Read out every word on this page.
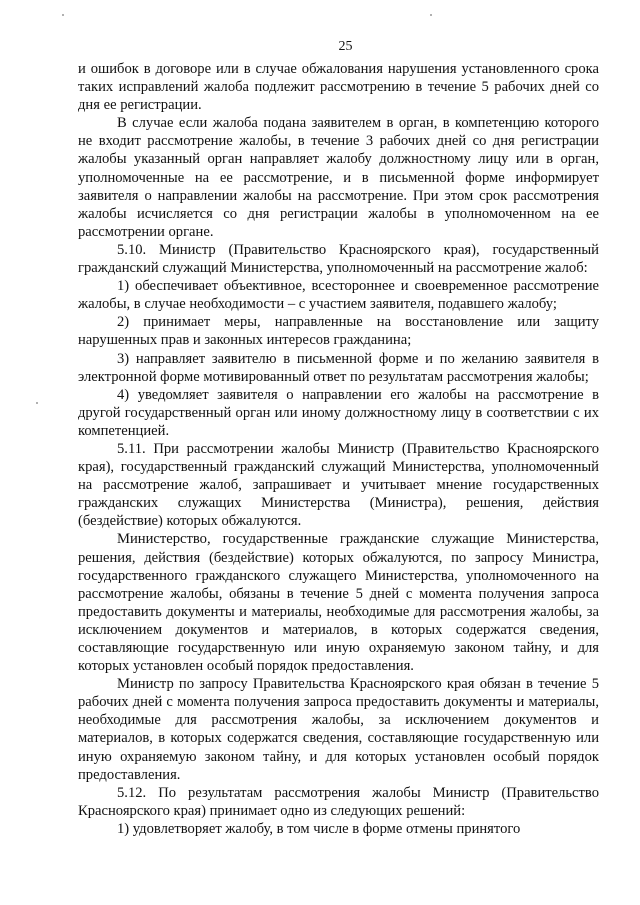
25

и ошибок в договоре или в случае обжалования нарушения установленного срока таких исправлений жалоба подлежит рассмотрению в течение 5 рабочих дней со дня ее регистрации.

В случае если жалоба подана заявителем в орган, в компетенцию которого не входит рассмотрение жалобы, в течение 3 рабочих дней со дня регистрации жалобы указанный орган направляет жалобу должностному лицу или в орган, уполномоченные на ее рассмотрение, и в письменной форме информирует заявителя о направлении жалобы на рассмотрение. При этом срок рассмотрения жалобы исчисляется со дня регистрации жалобы в уполномоченном на ее рассмотрении органе.

5.10. Министр (Правительство Красноярского края), государственный гражданский служащий Министерства, уполномоченный на рассмотрение жалоб:

1) обеспечивает объективное, всестороннее и своевременное рассмотрение жалобы, в случае необходимости – с участием заявителя, подавшего жалобу;

2) принимает меры, направленные на восстановление или защиту нарушенных прав и законных интересов гражданина;

3) направляет заявителю в письменной форме и по желанию заявителя в электронной форме мотивированный ответ по результатам рассмотрения жалобы;

4) уведомляет заявителя о направлении его жалобы на рассмотрение в другой государственный орган или иному должностному лицу в соответствии с их компетенцией.

5.11. При рассмотрении жалобы Министр (Правительство Красноярского края), государственный гражданский служащий Министерства, уполномоченный на рассмотрение жалоб, запрашивает и учитывает мнение государственных гражданских служащих Министерства (Министра), решения, действия (бездействие) которых обжалуются.

Министерство, государственные гражданские служащие Министерства, решения, действия (бездействие) которых обжалуются, по запросу Министра, государственного гражданского служащего Министерства, уполномоченного на рассмотрение жалобы, обязаны в течение 5 дней с момента получения запроса предоставить документы и материалы, необходимые для рассмотрения жалобы, за исключением документов и материалов, в которых содержатся сведения, составляющие государственную или иную охраняемую законом тайну, и для которых установлен особый порядок предоставления.

Министр по запросу Правительства Красноярского края обязан в течение 5 рабочих дней с момента получения запроса предоставить документы и материалы, необходимые для рассмотрения жалобы, за исключением документов и материалов, в которых содержатся сведения, составляющие государственную или иную охраняемую законом тайну, и для которых установлен особый порядок предоставления.

5.12. По результатам рассмотрения жалобы Министр (Правительство Красноярского края) принимает одно из следующих решений:

1) удовлетворяет жалобу, в том числе в форме отмены принятого
